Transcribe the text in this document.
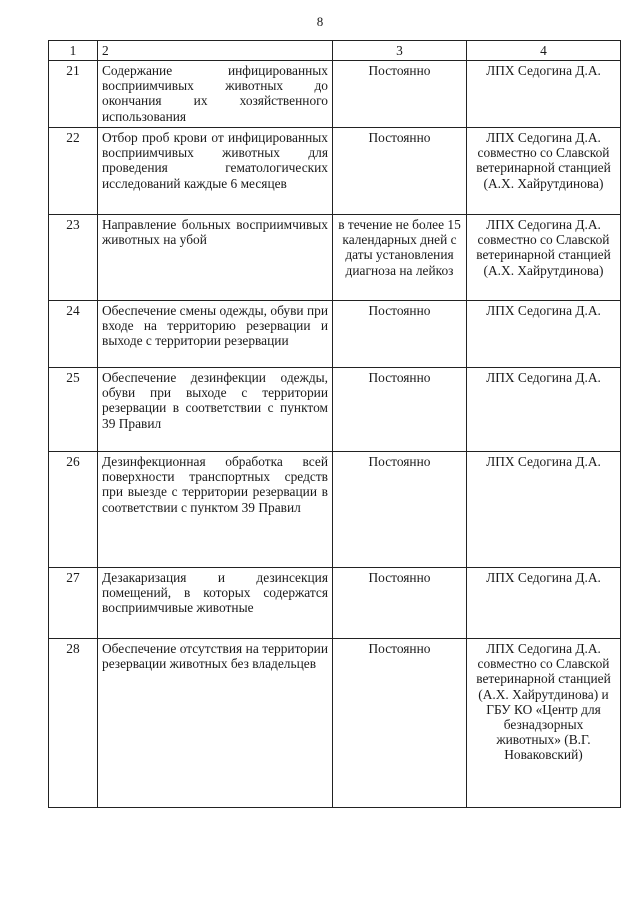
8
1	2	3	4
21	Содержание инфицированных восприимчивых животных до окончания их хозяйственного использования	Постоянно	ЛПХ Седогина Д.А.
22	Отбор проб крови от инфицированных восприимчивых животных для проведения гематологических исследований каждые 6 месяцев	Постоянно	ЛПХ Седогина Д.А. совместно со Славской ветеринарной станцией (А.Х. Хайрутдинова)
23	Направление больных восприимчивых животных на убой	в течение не более 15 календарных дней с даты установления диагноза на лейкоз	ЛПХ Седогина Д.А. совместно со Славской ветеринарной станцией (А.Х. Хайрутдинова)
24	Обеспечение смены одежды, обуви при входе на территорию резервации и выходе с территории резервации	Постоянно	ЛПХ Седогина Д.А.
25	Обеспечение дезинфекции одежды, обуви при выходе с территории резервации в соответствии с пунктом 39 Правил	Постоянно	ЛПХ Седогина Д.А.
26	Дезинфекционная обработка всей поверхности транспортных средств при выезде с территории резервации в соответствии с пунктом 39 Правил	Постоянно	ЛПХ Седогина Д.А.
27	Дезакаризация и дезинсекция помещений, в которых содержатся восприимчивые животные	Постоянно	ЛПХ Седогина Д.А.
28	Обеспечение отсутствия на территории резервации животных без владельцев	Постоянно	ЛПХ Седогина Д.А. совместно со Славской ветеринарной станцией (А.Х. Хайрутдинова) и ГБУ КО «Центр для безнадзорных животных» (В.Г. Новаковский)
